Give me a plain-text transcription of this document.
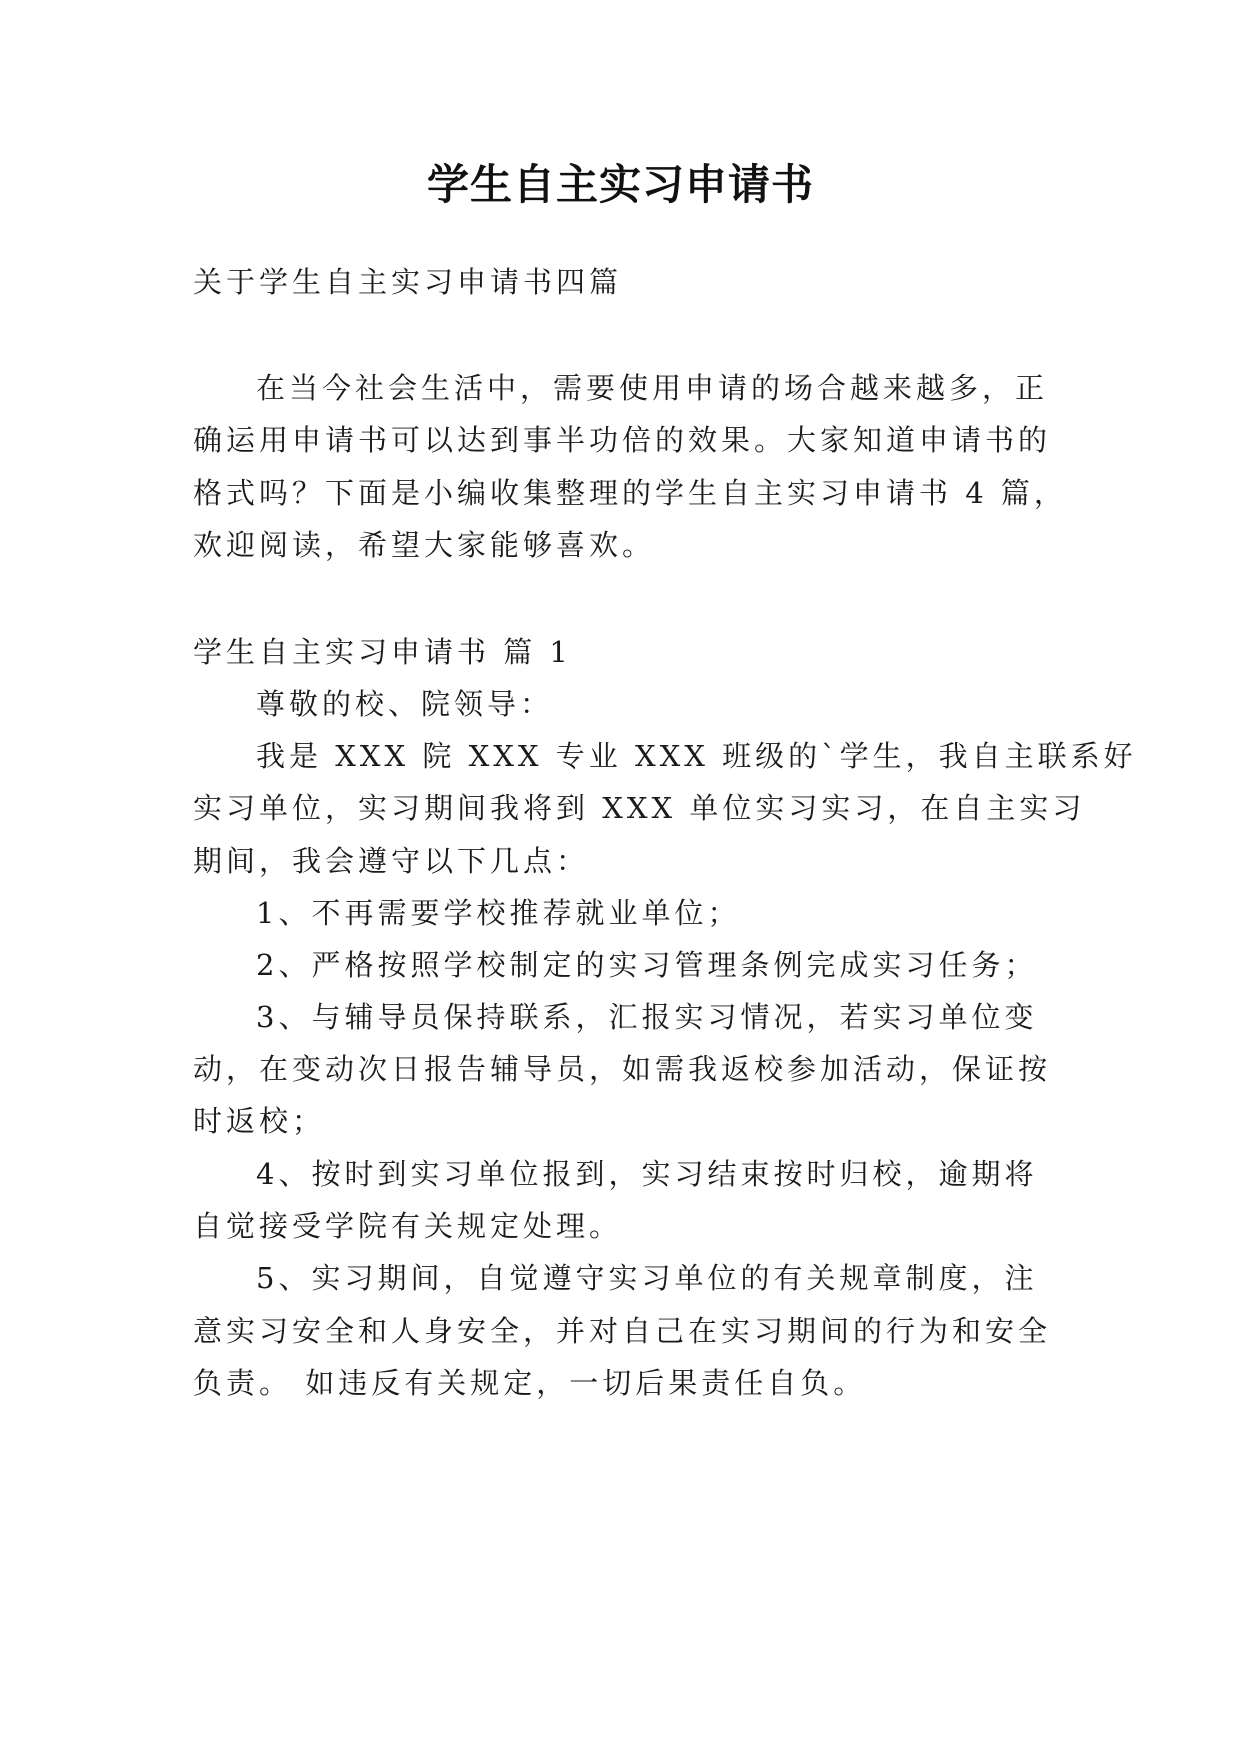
学生自主实习申请书
关于学生自主实习申请书四篇
在当今社会生活中，需要使用申请的场合越来越多，正
确运用申请书可以达到事半功倍的效果。大家知道申请书的
格式吗？下面是小编收集整理的学生自主实习申请书 4 篇，
欢迎阅读，希望大家能够喜欢。
学生自主实习申请书 篇 1
尊敬的校、院领导：
我是 XXX 院 XXX 专业 XXX 班级的`学生，我自主联系好
实习单位，实习期间我将到 XXX 单位实习实习，在自主实习
期间，我会遵守以下几点：
1、不再需要学校推荐就业单位；
2、严格按照学校制定的实习管理条例完成实习任务；
3、与辅导员保持联系，汇报实习情况，若实习单位变
动，在变动次日报告辅导员，如需我返校参加活动，保证按
时返校；
4、按时到实习单位报到，实习结束按时归校，逾期将
自觉接受学院有关规定处理。
5、实习期间，自觉遵守实习单位的有关规章制度，注
意实习安全和人身安全，并对自己在实习期间的行为和安全
负责。 如违反有关规定，一切后果责任自负。
